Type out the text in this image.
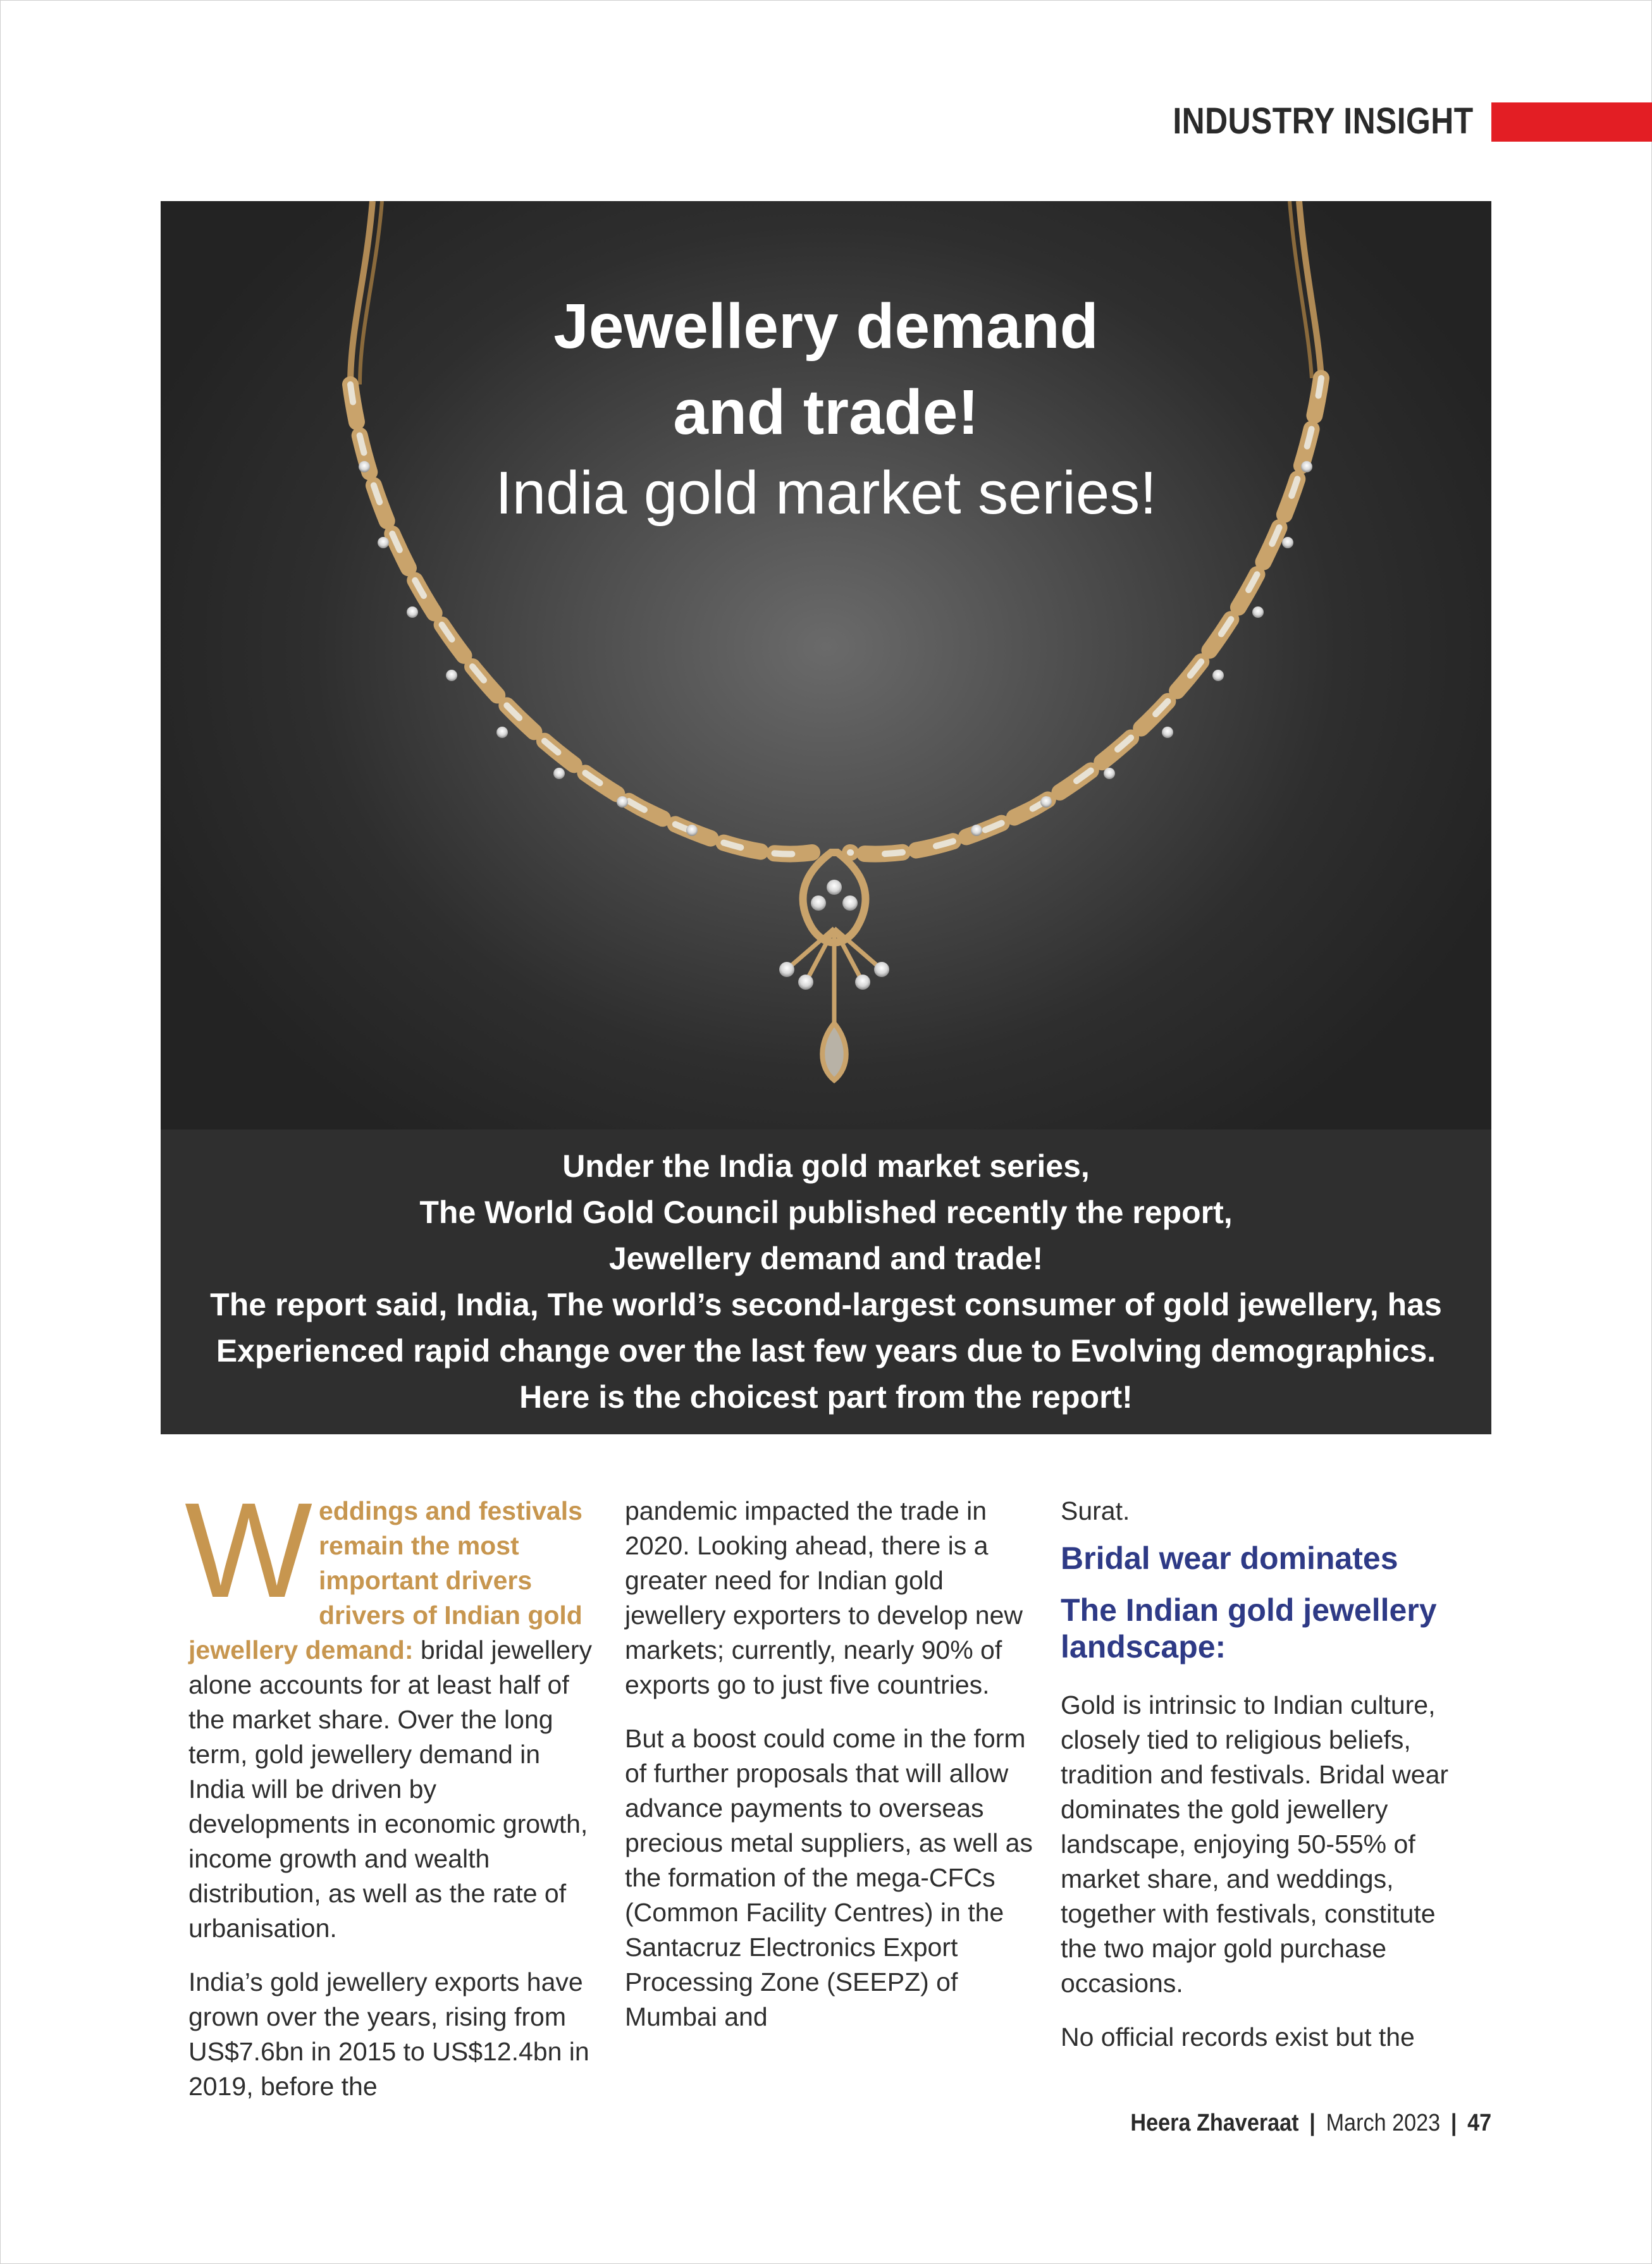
INDUSTRY INSIGHT
Jewellery demand
and trade!
India gold market series!
Under the India gold market series,
The World Gold Council published recently the report,
Jewellery demand and trade!
The report said, India, The world’s second-largest consumer of gold jewellery, has
Experienced rapid change over the last few years due to Evolving demographics.
Here is the choicest part from the report!

Weddings and festivals remain the most important drivers drivers of Indian gold jewellery demand: bridal jewellery alone accounts for at least half of the market share. Over the long term, gold jewellery demand in India will be driven by developments in economic growth, income growth and wealth distribution, as well as the rate of urbanisation.

India’s gold jewellery exports have grown over the years, rising from US$7.6bn in 2015 to US$12.4bn in 2019, before the

pandemic impacted the trade in 2020. Looking ahead, there is a greater need for Indian gold jewellery exporters to develop new markets; currently, nearly 90% of exports go to just five countries.

But a boost could come in the form of further proposals that will allow advance payments to overseas precious metal suppliers, as well as the formation of the mega-CFCs (Common Facility Centres) in the Santacruz Electronics Export Processing Zone (SEEPZ) of Mumbai and

Surat.

Bridal wear dominates
The Indian gold jewellery landscape:

Gold is intrinsic to Indian culture, closely tied to religious beliefs, tradition and festivals. Bridal wear dominates the gold jewellery landscape, enjoying 50-55% of market share, and weddings, together with festivals, constitute the two major gold purchase occasions.

No official records exist but the

Heera Zhaveraat | March 2023 | 47
